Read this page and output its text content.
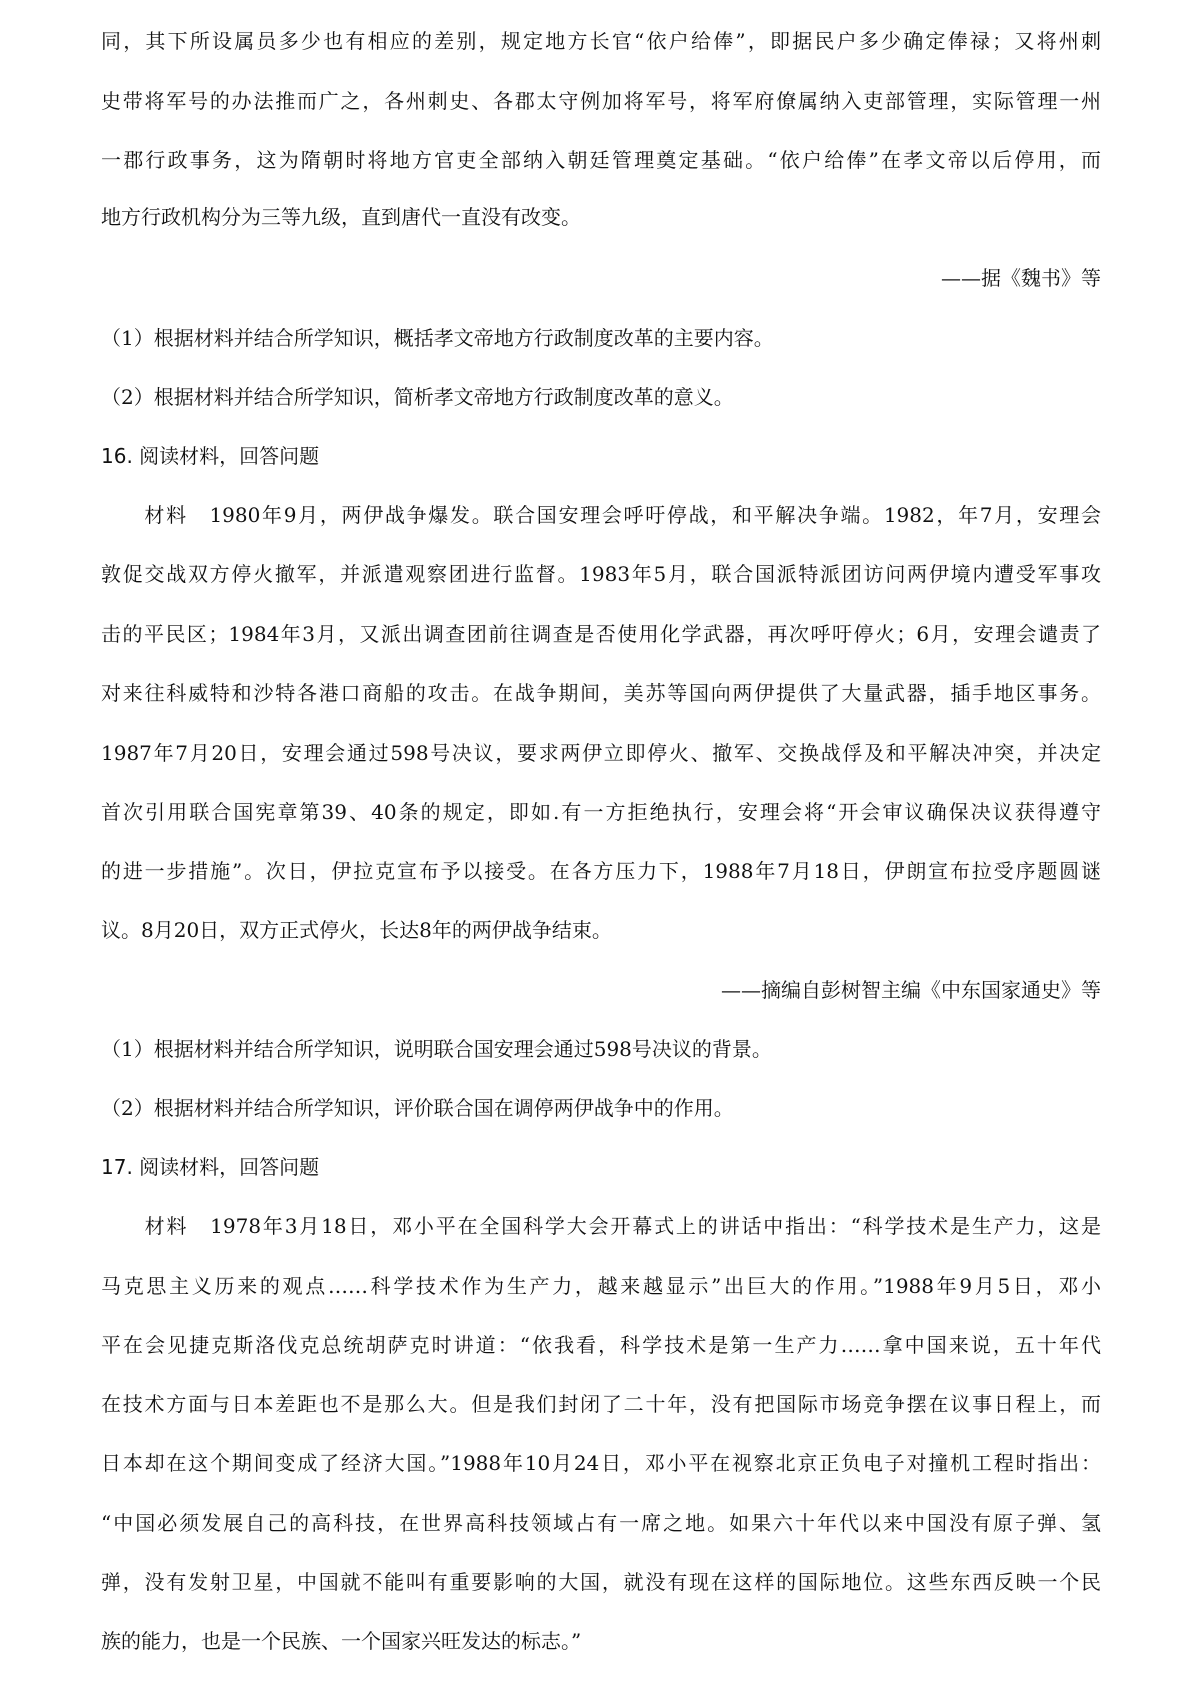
同，其下所设属员多少也有相应的差别，规定地方长官“依户给俸”，即据民户多少确定俸禄；又将州刺

史带将军号的办法推而广之，各州刺史、各郡太守例加将军号，将军府僚属纳入吏部管理，实际管理一州

一郡行政事务，这为隋朝时将地方官吏全部纳入朝廷管理奠定基础。“依户给俸”在孝文帝以后停用，而

地方行政机构分为三等九级，直到唐代一直没有改变。

——据《魏书》等

（1）根据材料并结合所学知识，概括孝文帝地方行政制度改革的主要内容。

（2）根据材料并结合所学知识，简析孝文帝地方行政制度改革的意义。

16. 阅读材料，回答问题

　　材料　1980年9月，两伊战争爆发。联合国安理会呼吁停战，和平解决争端。1982，年7月，安理会

敦促交战双方停火撤军，并派遣观察团进行监督。1983年5月，联合国派特派团访问两伊境内遭受军事攻

击的平民区；1984年3月，又派出调查团前往调查是否使用化学武器，再次呼吁停火；6月，安理会谴责了

对来往科威特和沙特各港口商船的攻击。在战争期间，美苏等国向两伊提供了大量武器，插手地区事务。

1987年7月20日，安理会通过598号决议，要求两伊立即停火、撤军、交换战俘及和平解决冲突，并决定

首次引用联合国宪章第39、40条的规定，即如.有一方拒绝执行，安理会将“开会审议确保决议获得遵守

的进一步措施”。次日，伊拉克宣布予以接受。在各方压力下，1988年7月18日，伊朗宣布拉受序题圆谜

议。8月20日，双方正式停火，长达8年的两伊战争结束。

——摘编自彭树智主编《中东国家通史》等

（1）根据材料并结合所学知识，说明联合国安理会通过598号决议的背景。

（2）根据材料并结合所学知识，评价联合国在调停两伊战争中的作用。

17. 阅读材料，回答问题

　　材料　1978年3月18日，邓小平在全国科学大会开幕式上的讲话中指出：“科学技术是生产力，这是

马克思主义历来的观点……科学技术作为生产力，越来越显示”出巨大的作用。”1988年9月5日，邓小

平在会见捷克斯洛伐克总统胡萨克时讲道：“依我看，科学技术是第一生产力……拿中国来说，五十年代

在技术方面与日本差距也不是那么大。但是我们封闭了二十年，没有把国际市场竞争摆在议事日程上，而

日本却在这个期间变成了经济大国。”1988年10月24日，邓小平在视察北京正负电子对撞机工程时指出：

“中国必须发展自己的高科技，在世界高科技领域占有一席之地。如果六十年代以来中国没有原子弹、氢

弹，没有发射卫星，中国就不能叫有重要影响的大国，就没有现在这样的国际地位。这些东西反映一个民

族的能力，也是一个民族、一个国家兴旺发达的标志。”
